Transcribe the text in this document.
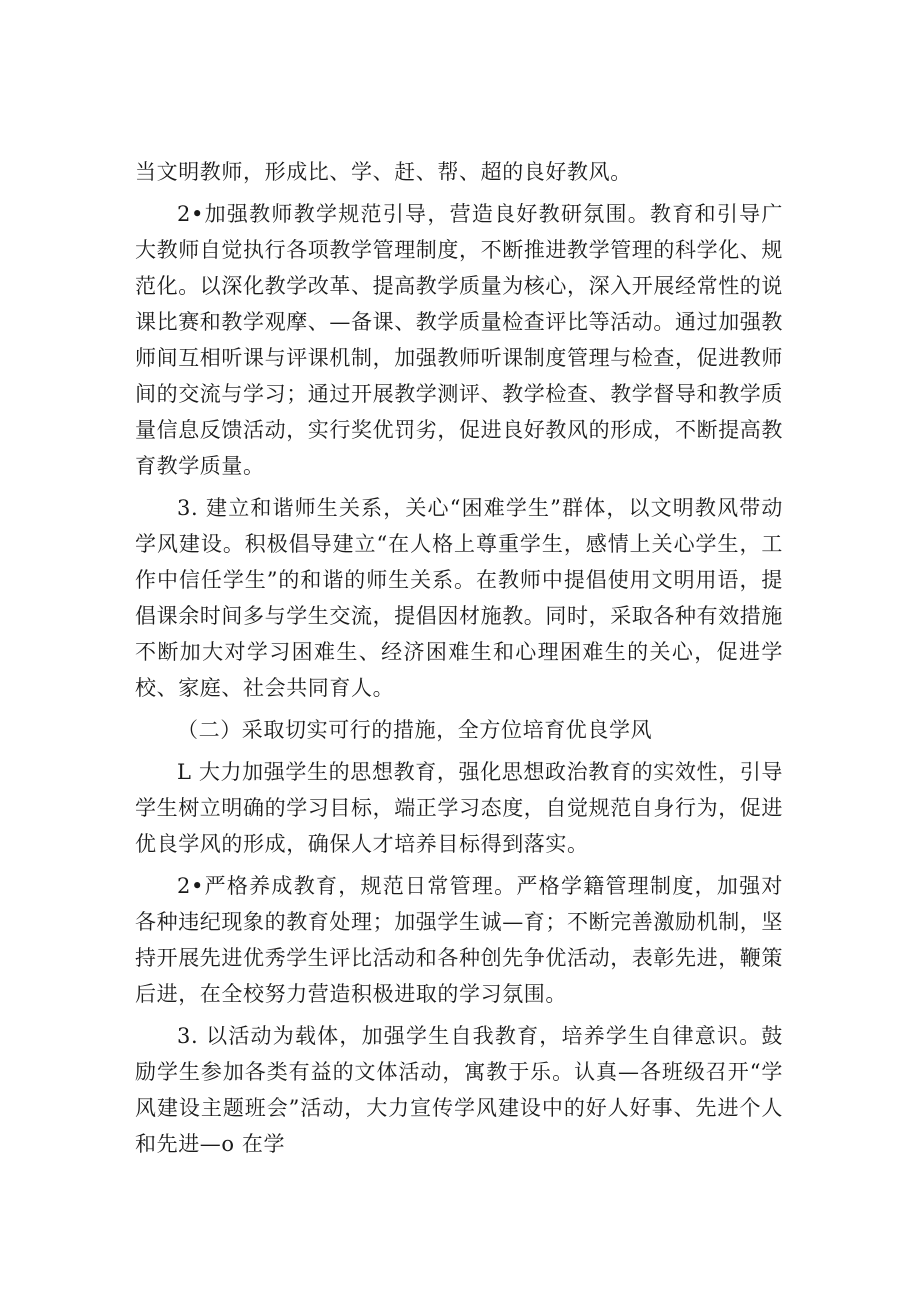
当文明教师，形成比、学、赶、帮、超的良好教风。

2•加强教师教学规范引导，营造良好教研氛围。教育和引导广大教师自觉执行各项教学管理制度，不断推进教学管理的科学化、规范化。以深化教学改革、提高教学质量为核心，深入开展经常性的说课比赛和教学观摩、—备课、教学质量检查评比等活动。通过加强教师间互相听课与评课机制，加强教师听课制度管理与检查，促进教师间的交流与学习；通过开展教学测评、教学检查、教学督导和教学质量信息反馈活动，实行奖优罚劣，促进良好教风的形成，不断提高教育教学质量。

3. 建立和谐师生关系，关心“困难学生”群体，以文明教风带动学风建设。积极倡导建立“在人格上尊重学生，感情上关心学生，工作中信任学生”的和谐的师生关系。在教师中提倡使用文明用语，提倡课余时间多与学生交流，提倡因材施教。同时，采取各种有效措施不断加大对学习困难生、经济困难生和心理困难生的关心，促进学校、家庭、社会共同育人。

（二）采取切实可行的措施，全方位培育优良学风

L 大力加强学生的思想教育，强化思想政治教育的实效性，引导学生树立明确的学习目标，端正学习态度，自觉规范自身行为，促进优良学风的形成，确保人才培养目标得到落实。

2•严格养成教育，规范日常管理。严格学籍管理制度，加强对各种违纪现象的教育处理；加强学生诚—育；不断完善激励机制，坚持开展先进优秀学生评比活动和各种创先争优活动，表彰先进，鞭策后进，在全校努力营造积极进取的学习氛围。

3. 以活动为载体，加强学生自我教育，培养学生自律意识。鼓励学生参加各类有益的文体活动，寓教于乐。认真—各班级召开“学风建设主题班会”活动，大力宣传学风建设中的好人好事、先进个人和先进—o 在学
